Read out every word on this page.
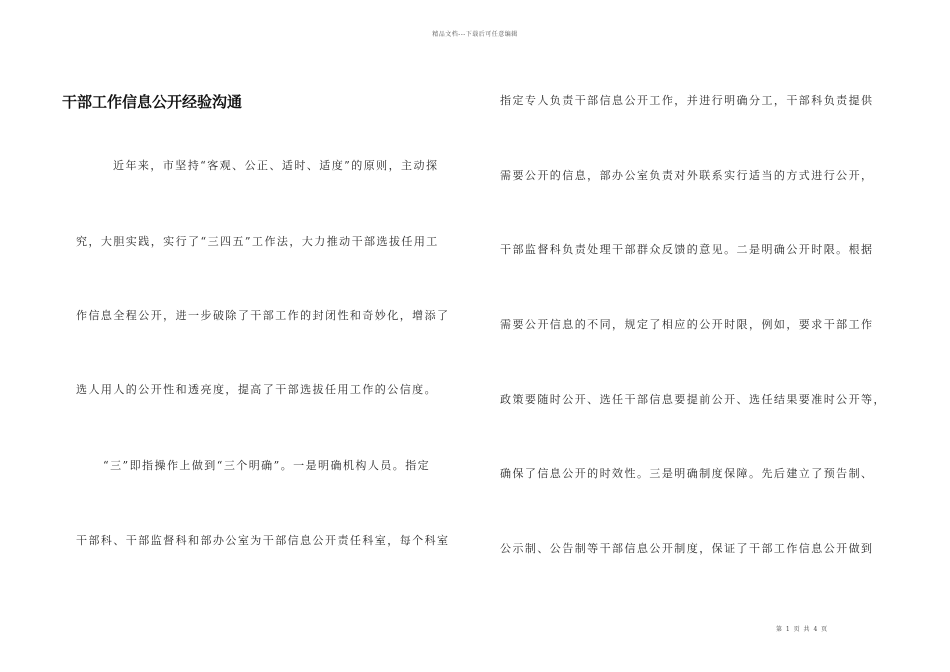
精品文档---下载后可任意编辑
干部工作信息公开经验沟通
近年来，市坚持“客观、公正、适时、适度”的原则，主动探
究，大胆实践，实行了“三四五”工作法，大力推动干部选拔任用工
作信息全程公开，进一步破除了干部工作的封闭性和奇妙化，增添了
选人用人的公开性和透亮度，提高了干部选拔任用工作的公信度。
“三”即指操作上做到“三个明确”。一是明确机构人员。指定
干部科、干部监督科和部办公室为干部信息公开责任科室，每个科室
指定专人负责干部信息公开工作，并进行明确分工，干部科负责提供
需要公开的信息，部办公室负责对外联系实行适当的方式进行公开，
干部监督科负责处理干部群众反馈的意见。二是明确公开时限。根据
需要公开信息的不同，规定了相应的公开时限，例如，要求干部工作
政策要随时公开、选任干部信息要提前公开、选任结果要准时公开等，
确保了信息公开的时效性。三是明确制度保障。先后建立了预告制、
公示制、公告制等干部信息公开制度，保证了干部工作信息公开做到
第 1 页 共 4 页
